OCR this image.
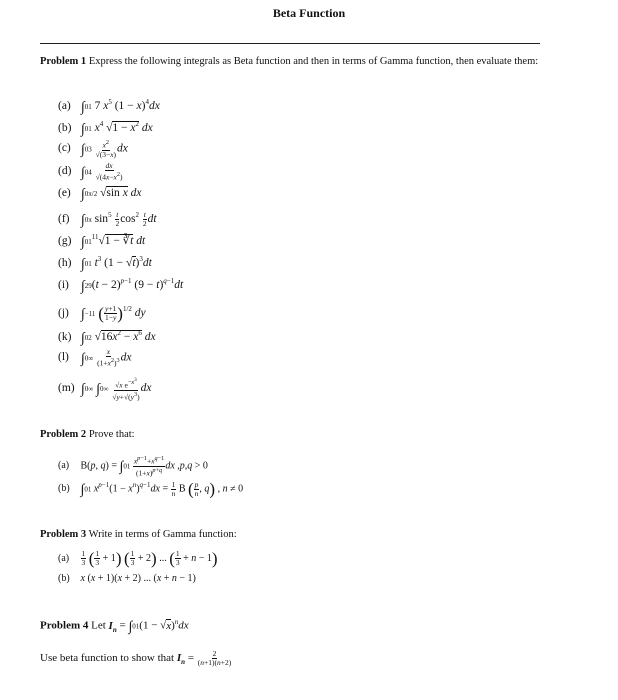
Beta Function
Problem 1 Express the following integrals as Beta function and then in terms of Gamma function, then evaluate them:
(a) ∫01 7 $x^5$ $(1 - x)^4dx$
(b) ∫01 $x^4$ $√1 - x^2$ dx
(c) $\int 03 \frac{x^2}{√(3-x)}$ dx
(d) $\int 04 \frac{dx}{√(4x-x^2)}$
(e) ∫0π/2 √sin x dx
(f) ∫0π $\sin^5 \frac{t}{2} \cos^2 \frac{t}{2}$ dt
(g) $\int 01^{11}√1$ − ∛t dt
(h) ∫01 $t^3$ $(1 - √t)^3dt$
(i) $\int 29(t - 2)^{p-1}$ $(9 - t)^{q-1}dt$
(j) ∫−11 ( $\frac{y+1}{1-y} )^{1/2}$ dy
(k) ∫02 $√16x^2 - x^6$ dx
(l) $\int 0\infty \frac{x}{(1+x^2)^3}$ dx
(m) ∫0∞ $\int 0\infty \frac{√x e^{-x^3}}{√y+√(y^3)}$ dx
Problem 2 Prove that:
(a) B(p, $q) = \int 01 \frac{x^{p-1}+x^{q-1}}{(1+x)^{p+q}}$ dx ,p,q > 0
(b) ∫01 $x^{p-1}(1 - x^n)^{q-1}dx = \frac{1}{n}$ B ( $\frac{p}{n}$ , q) , n ≠ 0
Problem 3 Write in terms of Gamma function:
$(a) \frac{1}{3}$ ( $\frac{1}{3} + 1$) ( $\frac{1}{3} + 2$) ... ( $\frac{1}{3} + n - 1$)
(b) x (x + 1)(x + 2) ... (x + n − 1)
Problem 4 Let $I_n = \int 01(1 - √x)^ndx$
Use beta function to show that $I_n = \frac{2}{(n+1)(n+2)}$
